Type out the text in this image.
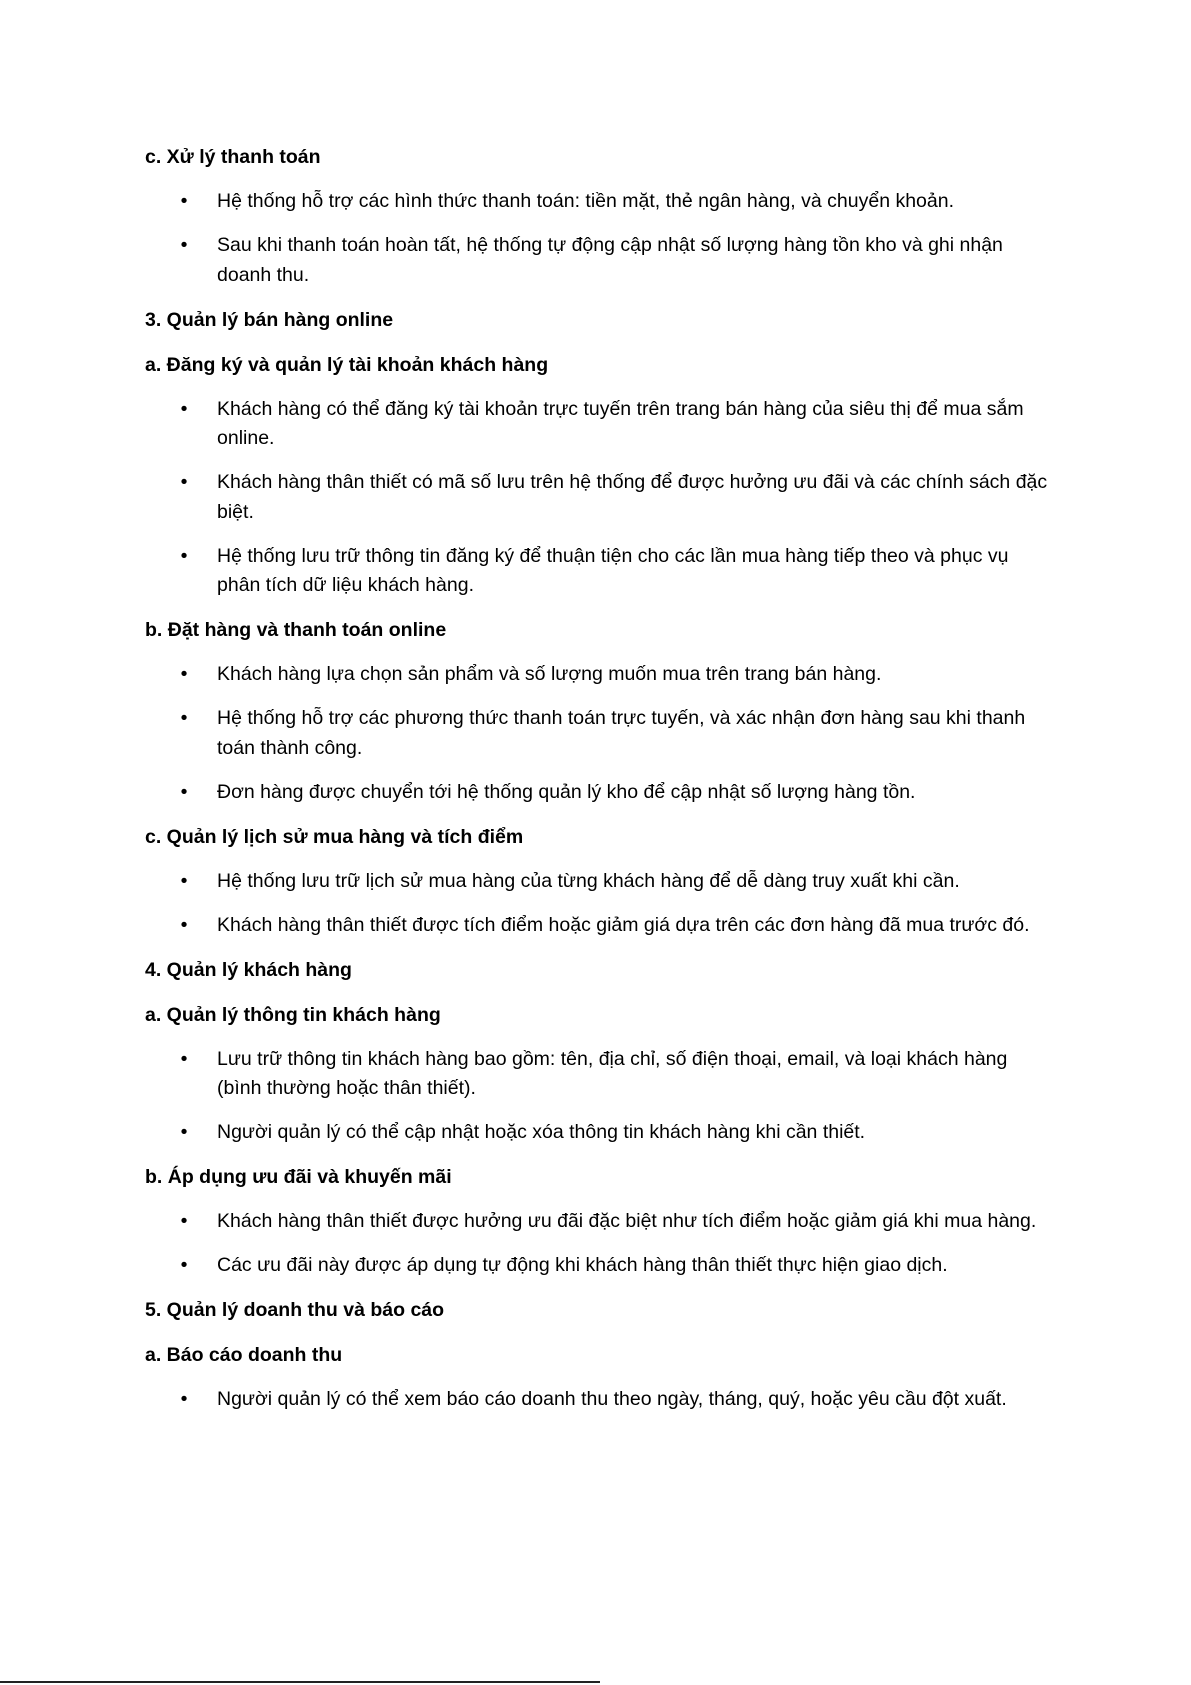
c. Xử lý thanh toán
• Hệ thống hỗ trợ các hình thức thanh toán: tiền mặt, thẻ ngân hàng, và chuyển khoản.
• Sau khi thanh toán hoàn tất, hệ thống tự động cập nhật số lượng hàng tồn kho và ghi nhận doanh thu.
3. Quản lý bán hàng online
a. Đăng ký và quản lý tài khoản khách hàng
• Khách hàng có thể đăng ký tài khoản trực tuyến trên trang bán hàng của siêu thị để mua sắm online.
• Khách hàng thân thiết có mã số lưu trên hệ thống để được hưởng ưu đãi và các chính sách đặc biệt.
• Hệ thống lưu trữ thông tin đăng ký để thuận tiện cho các lần mua hàng tiếp theo và phục vụ phân tích dữ liệu khách hàng.
b. Đặt hàng và thanh toán online
• Khách hàng lựa chọn sản phẩm và số lượng muốn mua trên trang bán hàng.
• Hệ thống hỗ trợ các phương thức thanh toán trực tuyến, và xác nhận đơn hàng sau khi thanh toán thành công.
• Đơn hàng được chuyển tới hệ thống quản lý kho để cập nhật số lượng hàng tồn.
c. Quản lý lịch sử mua hàng và tích điểm
• Hệ thống lưu trữ lịch sử mua hàng của từng khách hàng để dễ dàng truy xuất khi cần.
• Khách hàng thân thiết được tích điểm hoặc giảm giá dựa trên các đơn hàng đã mua trước đó.
4. Quản lý khách hàng
a. Quản lý thông tin khách hàng
• Lưu trữ thông tin khách hàng bao gồm: tên, địa chỉ, số điện thoại, email, và loại khách hàng (bình thường hoặc thân thiết).
• Người quản lý có thể cập nhật hoặc xóa thông tin khách hàng khi cần thiết.
b. Áp dụng ưu đãi và khuyến mãi
• Khách hàng thân thiết được hưởng ưu đãi đặc biệt như tích điểm hoặc giảm giá khi mua hàng.
• Các ưu đãi này được áp dụng tự động khi khách hàng thân thiết thực hiện giao dịch.
5. Quản lý doanh thu và báo cáo
a. Báo cáo doanh thu
• Người quản lý có thể xem báo cáo doanh thu theo ngày, tháng, quý, hoặc yêu cầu đột xuất.
